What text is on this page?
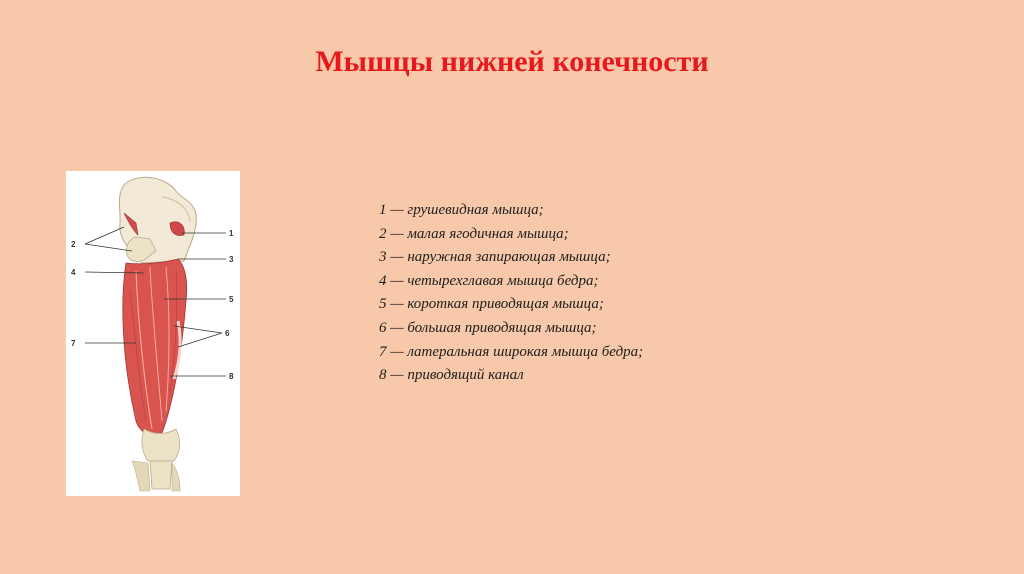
Мышцы нижней конечности
1
2
3
4
5
6
7
8
1 — грушевидная мышца;
2 — малая ягодичная мышца;
3 — наружная запирающая мышца;
4 — четырехглавая мышца бедра;
5 — короткая приводящая мышца;
6 — большая приводящая мышца;
7 — латеральная широкая мышца бедра;
8 — приводящий канал
